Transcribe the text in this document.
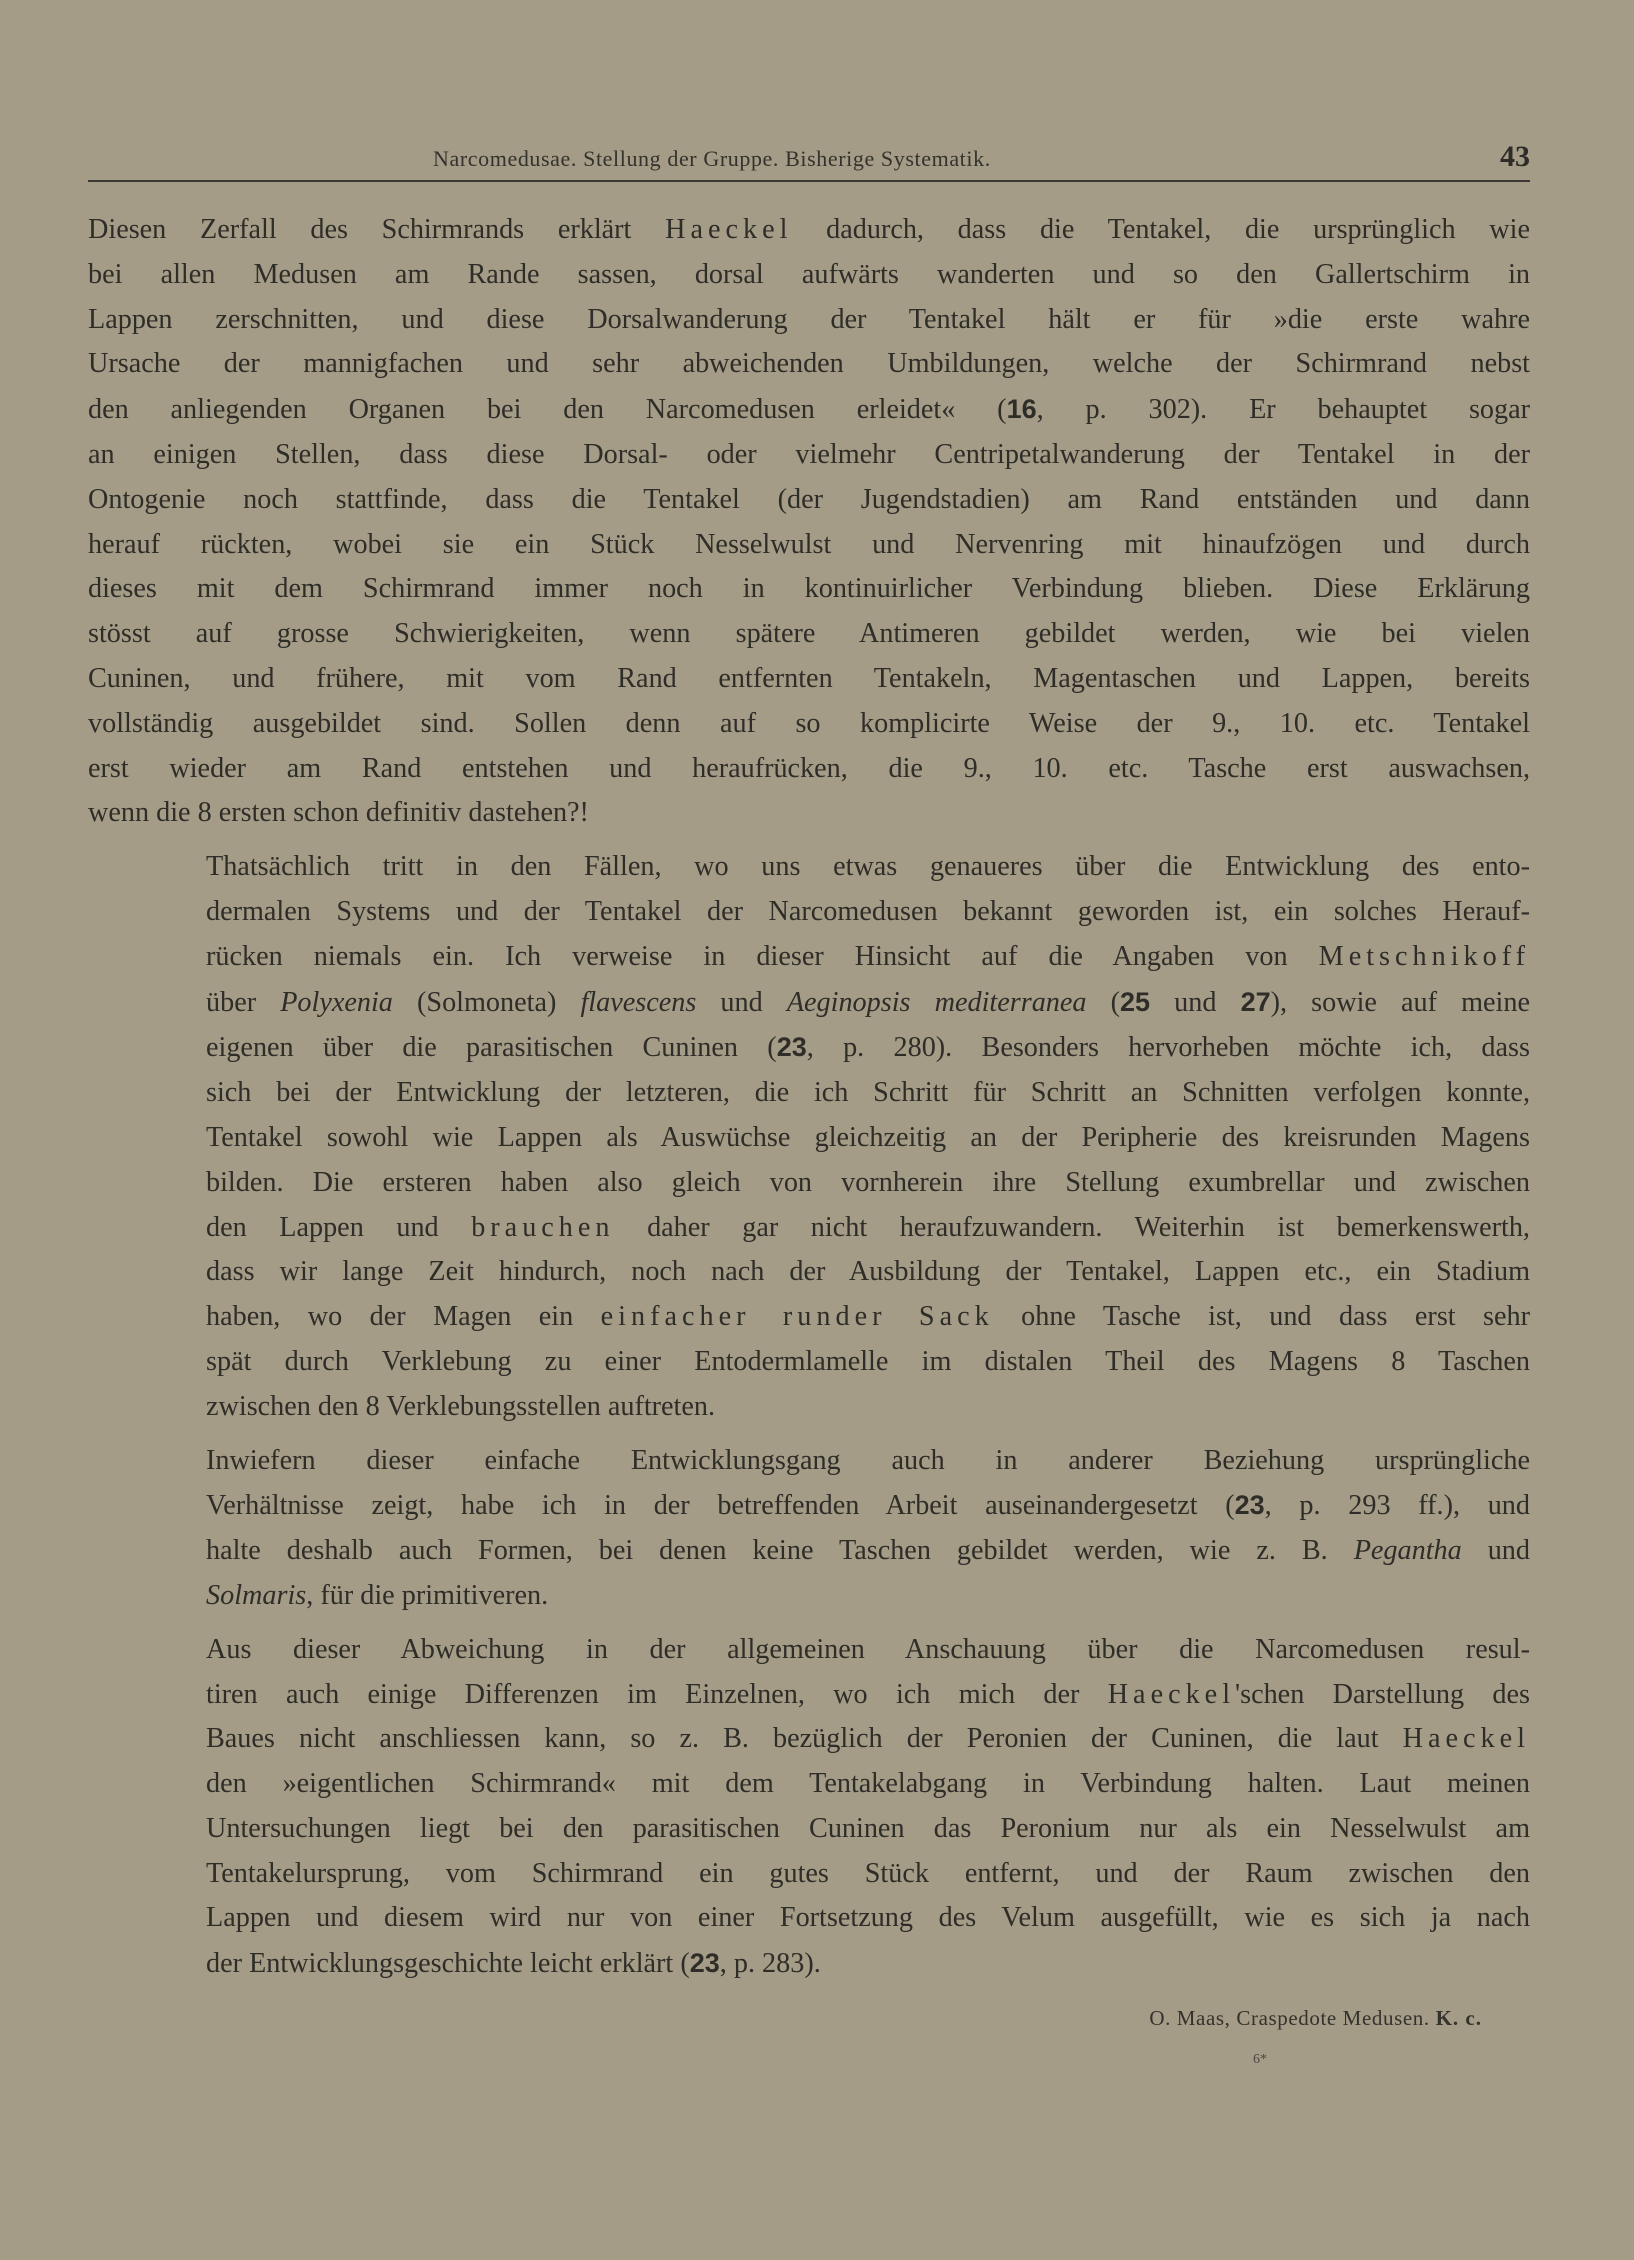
Narcomedusae. Stellung der Gruppe. Bisherige Systematik.	43

Diesen Zerfall des Schirmrands erklärt Haeckel dadurch, dass die Tentakel, die ursprünglich wie
bei allen Medusen am Rande sassen, dorsal aufwärts wanderten und so den Gallertschirm in
Lappen zerschnitten, und diese Dorsalwanderung der Tentakel hält er für »die erste wahre
Ursache der mannigfachen und sehr abweichenden Umbildungen, welche der Schirmrand nebst
den anliegenden Organen bei den Narcomedusen erleidet« (16, p. 302). Er behauptet sogar
an einigen Stellen, dass diese Dorsal- oder vielmehr Centripetalwanderung der Tentakel in der
Ontogenie noch stattfinde, dass die Tentakel (der Jugendstadien) am Rand entständen und dann
herauf rückten, wobei sie ein Stück Nesselwulst und Nervenring mit hinaufzögen und durch
dieses mit dem Schirmrand immer noch in kontinuirlicher Verbindung blieben. Diese Erklärung
stösst auf grosse Schwierigkeiten, wenn spätere Antimeren gebildet werden, wie bei vielen
Cuninen, und frühere, mit vom Rand entfernten Tentakeln, Magentaschen und Lappen, bereits
vollständig ausgebildet sind. Sollen denn auf so komplicirte Weise der 9., 10. etc. Tentakel
erst wieder am Rand entstehen und heraufrücken, die 9., 10. etc. Tasche erst auswachsen,
wenn die 8 ersten schon definitiv dastehen?!

Thatsächlich tritt in den Fällen, wo uns etwas genaueres über die Entwicklung des ento-
dermalen Systems und der Tentakel der Narcomedusen bekannt geworden ist, ein solches Herauf-
rücken niemals ein. Ich verweise in dieser Hinsicht auf die Angaben von Metschnikoff
über Polyxenia (Solmoneta) flavescens und Aeginopsis mediterranea (25 und 27), sowie auf meine
eigenen über die parasitischen Cuninen (23, p. 280). Besonders hervorheben möchte ich, dass
sich bei der Entwicklung der letzteren, die ich Schritt für Schritt an Schnitten verfolgen konnte,
Tentakel sowohl wie Lappen als Auswüchse gleichzeitig an der Peripherie des kreisrunden Magens
bilden. Die ersteren haben also gleich von vornherein ihre Stellung exumbrellar und zwischen
den Lappen und brauchen daher gar nicht heraufzuwandern. Weiterhin ist bemerkenswerth,
dass wir lange Zeit hindurch, noch nach der Ausbildung der Tentakel, Lappen etc., ein Stadium
haben, wo der Magen ein einfacher runder Sack ohne Tasche ist, und dass erst sehr
spät durch Verklebung zu einer Entodermlamelle im distalen Theil des Magens 8 Taschen
zwischen den 8 Verklebungsstellen auftreten.

Inwiefern dieser einfache Entwicklungsgang auch in anderer Beziehung ursprüngliche
Verhältnisse zeigt, habe ich in der betreffenden Arbeit auseinandergesetzt (23, p. 293 ff.), und
halte deshalb auch Formen, bei denen keine Taschen gebildet werden, wie z. B. Pegantha und
Solmaris, für die primitiveren.

Aus dieser Abweichung in der allgemeinen Anschauung über die Narcomedusen resul-
tiren auch einige Differenzen im Einzelnen, wo ich mich der Haeckel'schen Darstellung des
Baues nicht anschliessen kann, so z. B. bezüglich der Peronien der Cuninen, die laut Haeckel
den »eigentlichen Schirmrand« mit dem Tentakelabgang in Verbindung halten. Laut meinen
Untersuchungen liegt bei den parasitischen Cuninen das Peronium nur als ein Nesselwulst am
Tentakelursprung, vom Schirmrand ein gutes Stück entfernt, und der Raum zwischen den
Lappen und diesem wird nur von einer Fortsetzung des Velum ausgefüllt, wie es sich ja nach
der Entwicklungsgeschichte leicht erklärt (23, p. 283).

O. Maas, Craspedote Medusen. K. c.
6*
